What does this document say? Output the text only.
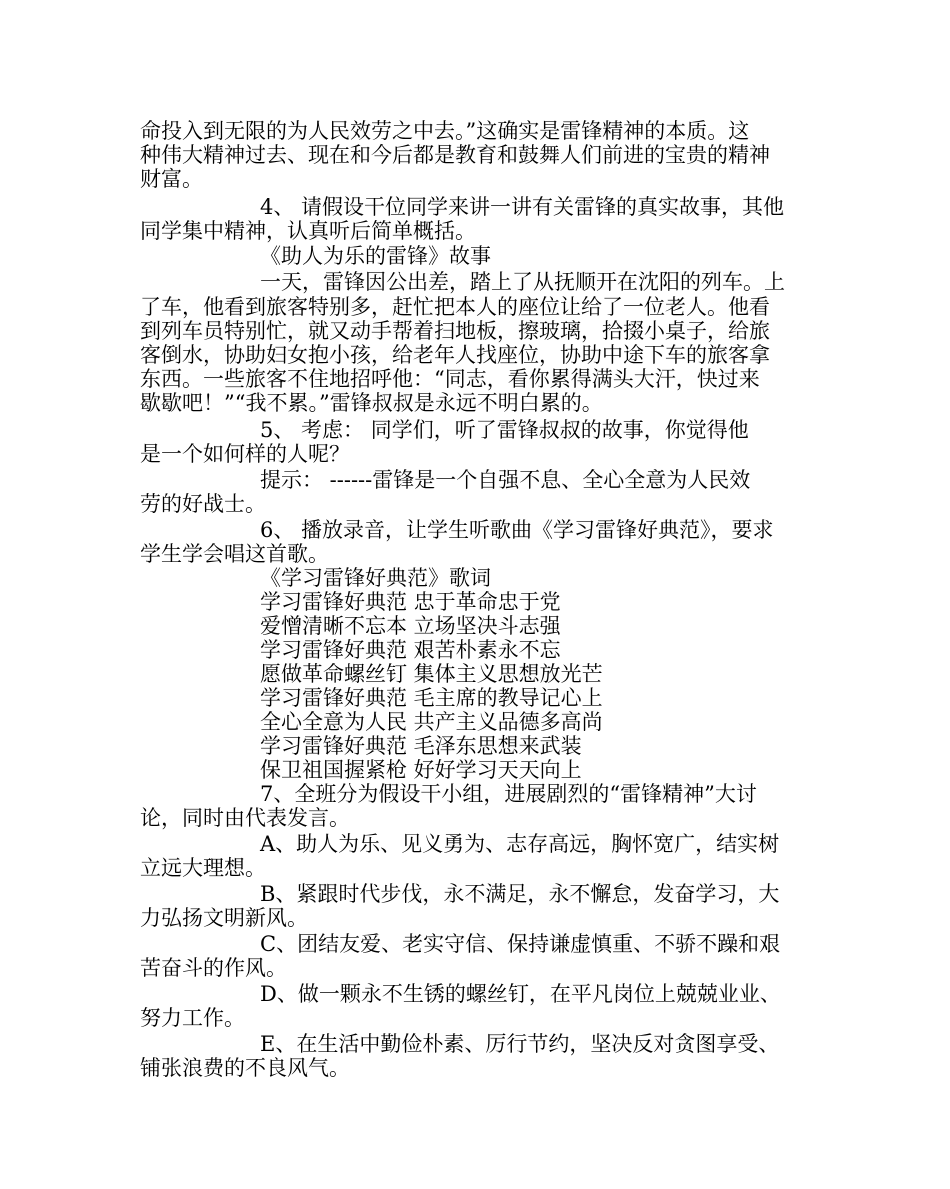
命投入到无限的为人民效劳之中去。”这确实是雷锋精神的本质。这
种伟大精神过去、现在和今后都是教育和鼓舞人们前进的宝贵的精神
财富。
4、 请假设干位同学来讲一讲有关雷锋的真实故事，其他
同学集中精神，认真听后简单概括。
《助人为乐的雷锋》故事
一天，雷锋因公出差，踏上了从抚顺开在沈阳的列车。上
了车，他看到旅客特别多，赶忙把本人的座位让给了一位老人。他看
到列车员特别忙，就又动手帮着扫地板，擦玻璃，拾掇小桌子，给旅
客倒水，协助妇女抱小孩，给老年人找座位，协助中途下车的旅客拿
东西。一些旅客不住地招呼他：“同志，看你累得满头大汗，快过来
歇歇吧！”“我不累。”雷锋叔叔是永远不明白累的。
5、 考虑： 同学们，听了雷锋叔叔的故事，你觉得他
是一个如何样的人呢？
提示： ------雷锋是一个自强不息、全心全意为人民效
劳的好战士。
6、 播放录音，让学生听歌曲《学习雷锋好典范》，要求
学生学会唱这首歌。
《学习雷锋好典范》歌词
学习雷锋好典范 忠于革命忠于党
爱憎清晰不忘本 立场坚决斗志强
学习雷锋好典范 艰苦朴素永不忘
愿做革命螺丝钉 集体主义思想放光芒
学习雷锋好典范 毛主席的教导记心上
全心全意为人民 共产主义品德多高尚
学习雷锋好典范 毛泽东思想来武装
保卫祖国握紧枪 好好学习天天向上
7、全班分为假设干小组，进展剧烈的“雷锋精神”大讨
论，同时由代表发言。
A、助人为乐、见义勇为、志存高远，胸怀宽广，结实树
立远大理想。
B、紧跟时代步伐，永不满足，永不懈怠，发奋学习，大
力弘扬文明新风。
C、团结友爱、老实守信、保持谦虚慎重、不骄不躁和艰
苦奋斗的作风。
D、做一颗永不生锈的螺丝钉，在平凡岗位上兢兢业业、
努力工作。
E、在生活中勤俭朴素、厉行节约，坚决反对贪图享受、
铺张浪费的不良风气。
